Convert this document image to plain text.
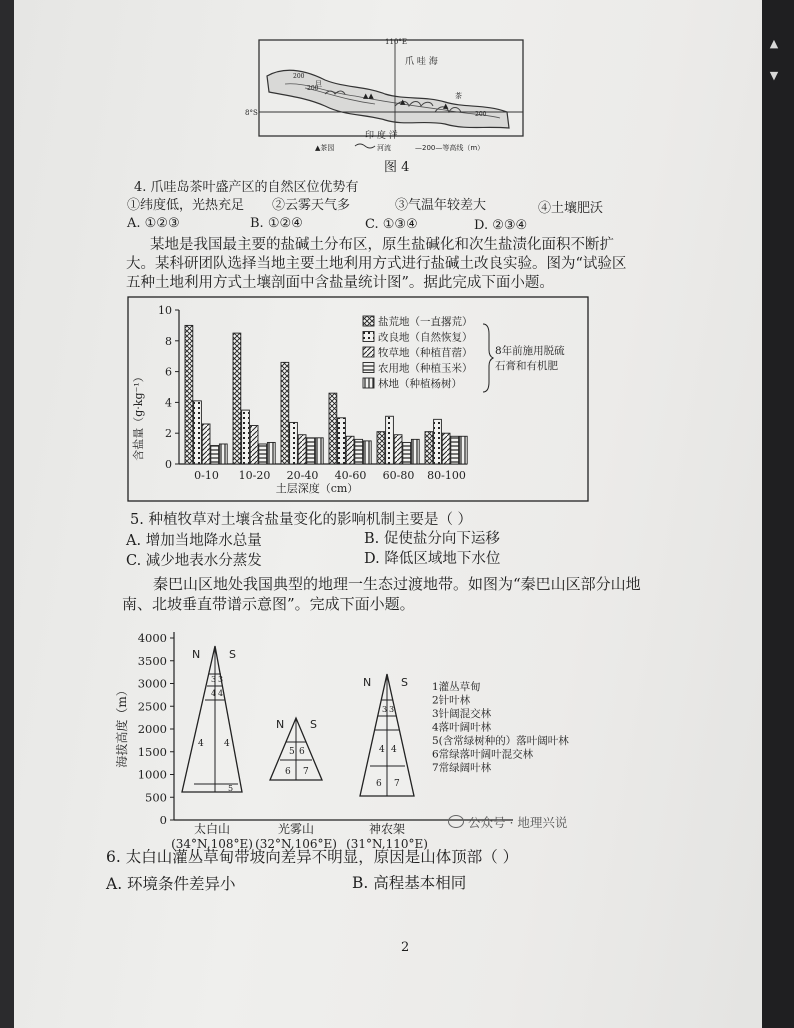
▲
▼
110°E
8°S
爪 哇 海
印 度 洋
200
200
200
茶
旦
▲▲
▲	▲
▲茶园	河流	—200—等高线（m）
图 4
4. 爪哇岛茶叶盛产区的自然区位优势有
①纬度低，光热充足 ②云雾天气多	③气温年较差大	④土壤肥沃
A. ①②③	B. ①②④	C. ①③④	D. ②③④
某地是我国最主要的盐碱土分布区，原生盐碱化和次生盐渍化面积不断扩
大。某科研团队选择当地主要土地利用方式进行盐碱土改良实验。图为“试验区
五种土地利用方式土壤剖面中含盐量统计图”。据此完成下面小题。
0
2
4
6
8
10
0-10 10-20 20-40 40-60 60-80 80-100
盐荒地（一直撂荒）
改良地（自然恢复）
牧草地（种植苜蓿）
农用地（种植玉米）
林地（种植杨树）
含盐量（g·kg⁻¹）
土层深度（cm）
8年前施用脱硫
石膏和有机肥
5. 种植牧草对土壤含盐量变化的影响机制主要是（ ）
A. 增加当地降水总量	B. 促使盐分向下运移
C. 减少地表水分蒸发	D. 降低区域地下水位
秦巴山区地处我国典型的地理一生态过渡地带。如图为“秦巴山区部分山地
南、北坡垂直带谱示意图”。完成下面小题。
0
500
1000
1500
2000
2500
3000
3500
4000
海拔高度（m）
N	S
3 3
4 4
4 4
5
N S
5 6
6 7
N	S
3 3
4 4
6 7
太白山	光雾山	神农架
(34°N,108°E) (32°N,106°E) (31°N,110°E)
1灌丛草甸
2针叶林
3针阔混交林
4落叶阔叶林
5(含常绿树种的）落叶阔叶林
6常绿落叶阔叶混交林
7常绿阔叶林
公众号 · 地理兴说
6. 太白山灌丛草甸带坡向差异不明显，原因是山体顶部（ ）
A. 环境条件差异小	B. 高程基本相同
2
